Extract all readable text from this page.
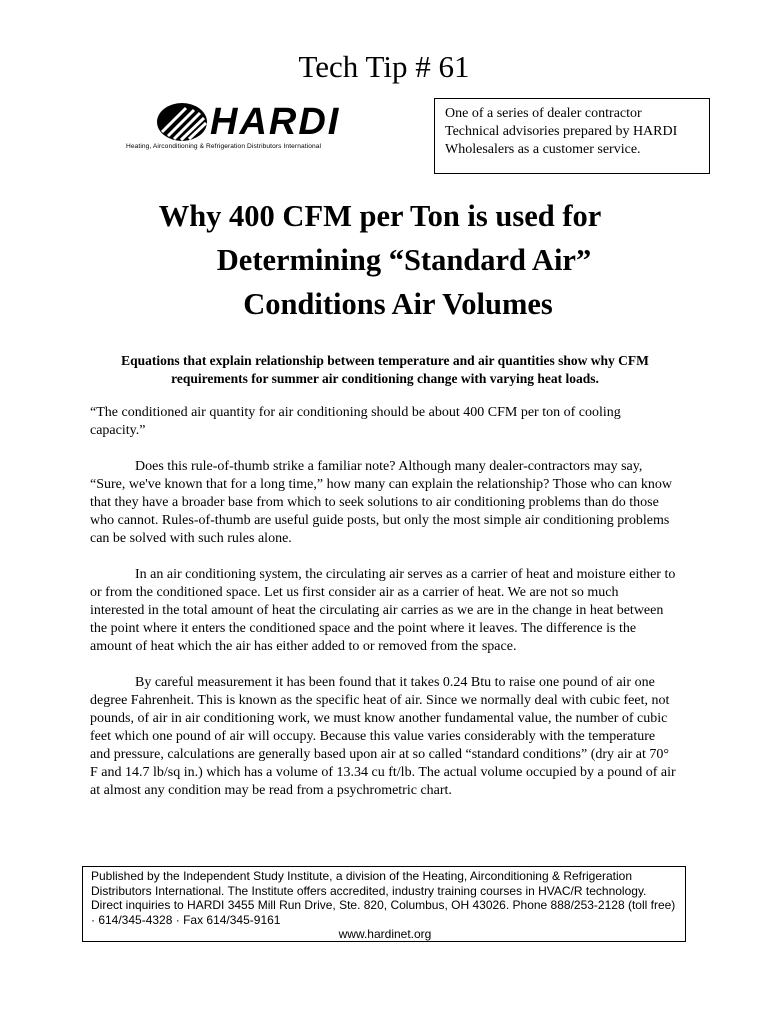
Tech Tip # 61
HARDI
Heating, Airconditioning & Refrigeration Distributors International
One of a series of dealer contractor Technical advisories prepared by HARDI Wholesalers as a customer service.
Why 400 CFM per Ton is used for
Determining “Standard Air”
Conditions Air Volumes
Equations that explain relationship between temperature and air quantities show why CFM requirements for summer air conditioning change with varying heat loads.

“The conditioned air quantity for air conditioning should be about 400 CFM per ton of cooling capacity.”

Does this rule-of-thumb strike a familiar note? Although many dealer-contractors may say, “Sure, we've known that for a long time,” how many can explain the relationship? Those who can know that they have a broader base from which to seek solutions to air conditioning problems than do those who cannot. Rules-of-thumb are useful guide posts, but only the most simple air conditioning problems can be solved with such rules alone.

In an air conditioning system, the circulating air serves as a carrier of heat and moisture either to or from the conditioned space. Let us first consider air as a carrier of heat. We are not so much interested in the total amount of heat the circulating air carries as we are in the change in heat between the point where it enters the conditioned space and the point where it leaves. The difference is the amount of heat which the air has either added to or removed from the space.

By careful measurement it has been found that it takes 0.24 Btu to raise one pound of air one degree Fahrenheit. This is known as the specific heat of air. Since we normally deal with cubic feet, not pounds, of air in air conditioning work, we must know another fundamental value, the number of cubic feet which one pound of air will occupy. Because this value varies considerably with the temperature and pressure, calculations are generally based upon air at so called “standard conditions” (dry air at 70° F and 14.7 lb/sq in.) which has a volume of 13.34 cu ft/lb. The actual volume occupied by a pound of air at almost any condition may be read from a psychrometric chart.

Published by the Independent Study Institute, a division of the Heating, Airconditioning & Refrigeration Distributors International. The Institute offers accredited, industry training courses in HVAC/R technology. Direct inquiries to HARDI 3455 Mill Run Drive, Ste. 820, Columbus, OH 43026. Phone 888/253-2128 (toll free) · 614/345-4328 · Fax 614/345-9161
www.hardinet.org
